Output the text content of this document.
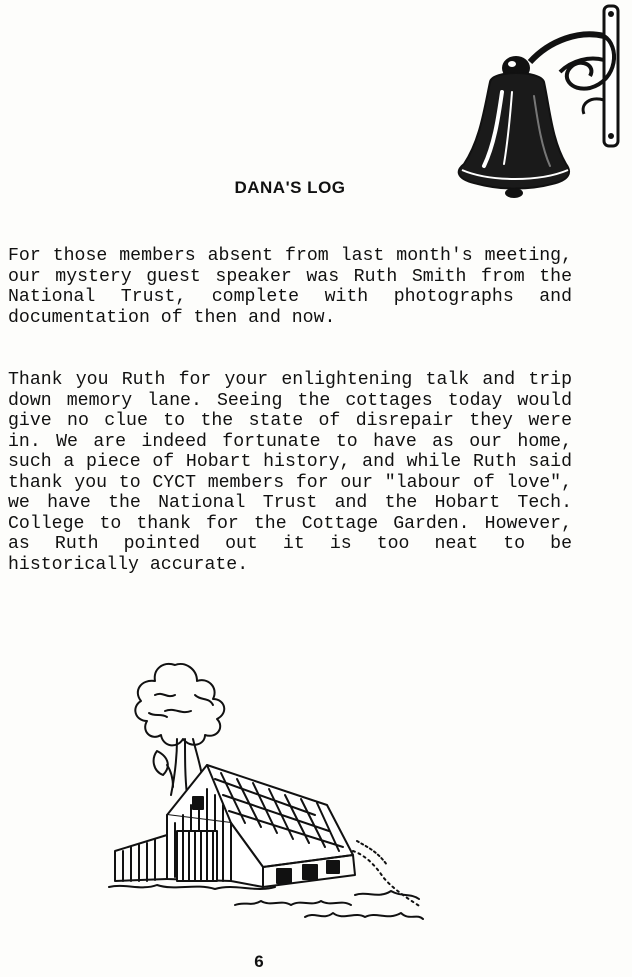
DANA'S LOG

For those members absent from last month's meeting, our mystery guest speaker was Ruth Smith from the National Trust, complete with photographs and documentation of then and now.

Thank you Ruth for your enlightening talk and trip down memory lane. Seeing the cottages today would give no clue to the state of disrepair they were in. We are indeed fortunate to have as our home, such a piece of Hobart history, and while Ruth said thank you to CYCT members for our "labour of love", we have the National Trust and the Hobart Tech. College to thank for the Cottage Garden. However, as Ruth pointed out it is too neat to be historically accurate.

6
